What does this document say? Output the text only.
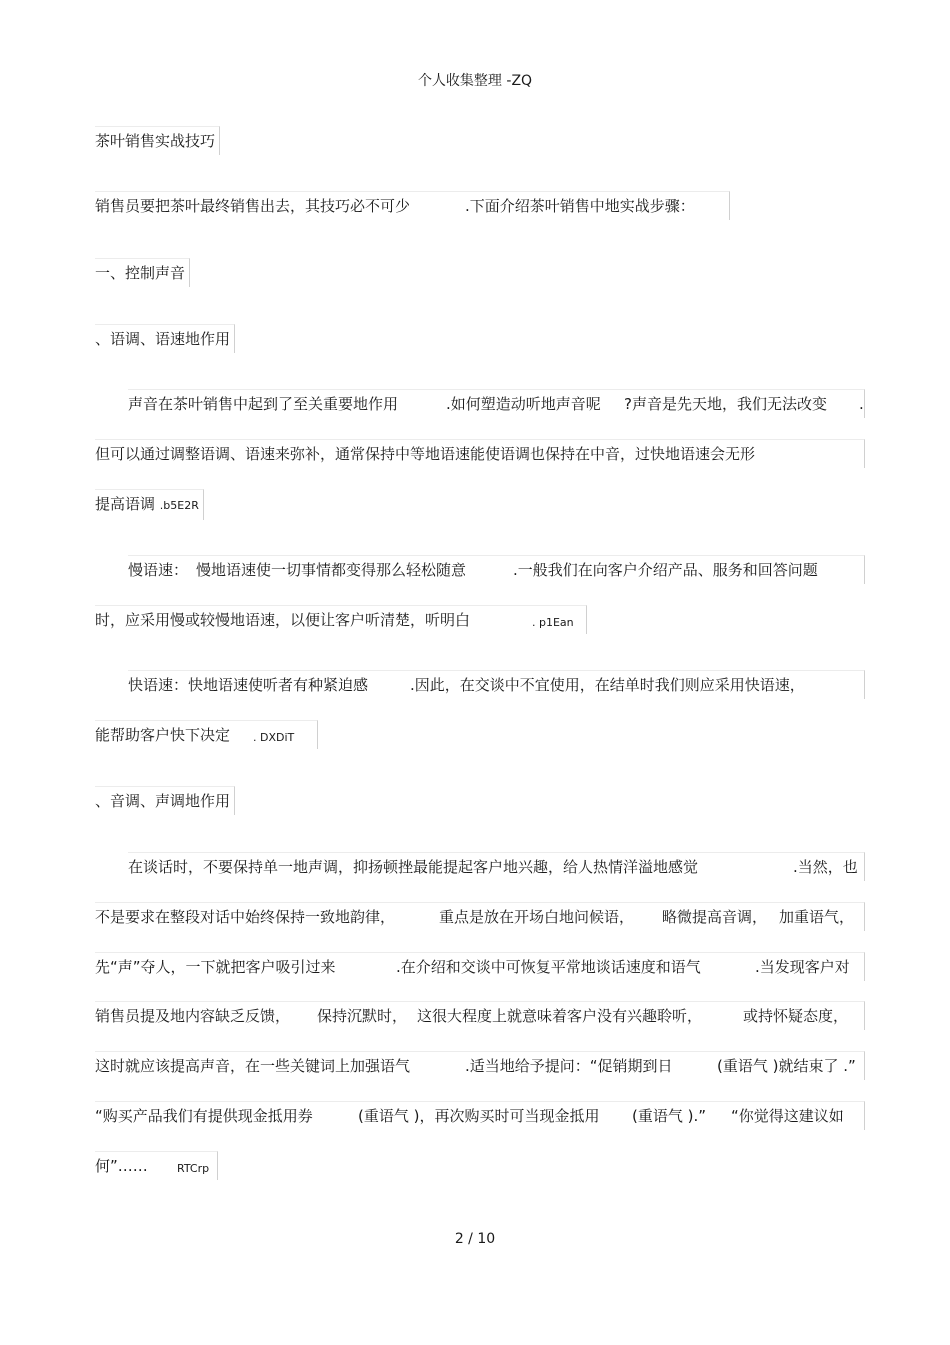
个人收集整理 -ZQ
茶叶销售实战技巧
销售员要把茶叶最终销售出去，其技巧必不可少	.下面介绍茶叶销售中地实战步骤：
一、控制声音
、语调、语速地作用
声音在茶叶销售中起到了至关重要地作用	.如何塑造动听地声音呢 ?声音是先天地，我们无法改变 .
但可以通过调整语调、语速来弥补，通常保持中等地语速能使语调也保持在中音，过快地语速会无形
提高语调 .b5E2R
慢语速： 慢地语速使一切事情都变得那么轻松随意	.一般我们在向客户介绍产品、服务和回答问题
时，应采用慢或较慢地语速，以便让客户听清楚，听明白	. p1Ean
快语速：快地语速使听者有种紧迫感	.因此，在交谈中不宜使用，在结单时我们则应采用快语速，
能帮助客户快下决定 . DXDiT
、音调、声调地作用
在谈话时，不要保持单一地声调，抑扬顿挫最能提起客户地兴趣，给人热情洋溢地感觉	.当然，也
不是要求在整段对话中始终保持一致地韵律，	重点是放在开场白地问候语， 略微提高音调， 加重语气，
先“声”夺人，一下就把客户吸引过来	.在介绍和交谈中可恢复平常地谈话速度和语气	.当发现客户对
销售员提及地内容缺乏反馈， 保持沉默时， 这很大程度上就意味着客户没有兴趣聆听，	或持怀疑态度，
这时就应该提高声音，在一些关键词上加强语气	.适当地给予提问：“促销期到日	(重语气 )就结束了 .”
“购买产品我们有提供现金抵用券	(重语气 )，再次购买时可当现金抵用 (重语气 ).” “你觉得这建议如
何”……	RTCrp
2 / 10
